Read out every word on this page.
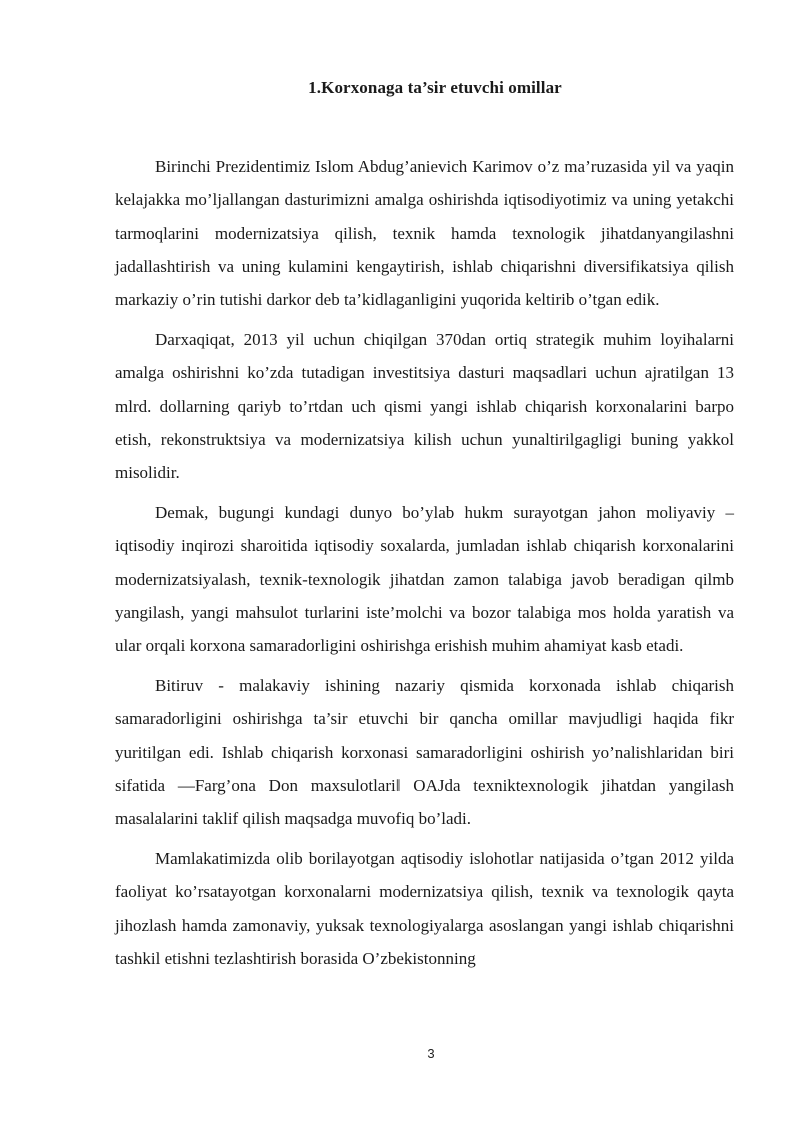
1.Korxonaga ta’sir etuvchi omillar

Birinchi Prezidentimiz Islom Abdug’anievich Karimov o’z ma’ruzasida yil va yaqin kelajakka mo’ljallangan dasturimizni amalga oshirishda iqtisodiyotimiz va uning yetakchi tarmoqlarini modernizatsiya qilish, texnik hamda texnologik jihatdanyangilashni jadallashtirish va uning kulamini kengaytirish, ishlab chiqarishni diversifikatsiya qilish markaziy o’rin tutishi darkor deb ta’kidlaganligini yuqorida keltirib o’tgan edik.

Darxaqiqat, 2013 yil uchun chiqilgan 370dan ortiq strategik muhim loyihalarni amalga oshirishni ko’zda tutadigan investitsiya dasturi maqsadlari uchun ajratilgan 13 mlrd. dollarning qariyb to’rtdan uch qismi yangi ishlab chiqarish korxonalarini barpo etish, rekonstruktsiya va modernizatsiya kilish uchun yunaltirilgagligi buning yakkol misolidir.

Demak, bugungi kundagi dunyo bo’ylab hukm surayotgan jahon moliyaviy – iqtisodiy inqirozi sharoitida iqtisodiy soxalarda, jumladan ishlab chiqarish korxonalarini modernizatsiyalash, texnik-texnologik jihatdan zamon talabiga javob beradigan qilmb yangilash, yangi mahsulot turlarini iste’molchi va bozor talabiga mos holda yaratish va ular orqali korxona samaradorligini oshirishga erishish muhim ahamiyat kasb etadi.

Bitiruv - malakaviy ishining nazariy qismida korxonada ishlab chiqarish samaradorligini oshirishga ta’sir etuvchi bir qancha omillar mavjudligi haqida fikr yuritilgan edi. Ishlab chiqarish korxonasi samaradorligini oshirish yo’nalishlaridan biri sifatida ―Farg’ona Don maxsulotlari‖ OAJda texniktexnologik jihatdan yangilash masalalarini taklif qilish maqsadga muvofiq bo’ladi.

Mamlakatimizda olib borilayotgan aqtisodiy islohotlar natijasida o’tgan 2012 yilda faoliyat ko’rsatayotgan korxonalarni modernizatsiya qilish, texnik va texnologik qayta jihozlash hamda zamonaviy, yuksak texnologiyalarga asoslangan yangi ishlab chiqarishni tashkil etishni tezlashtirish borasida O’zbekistonning

3
